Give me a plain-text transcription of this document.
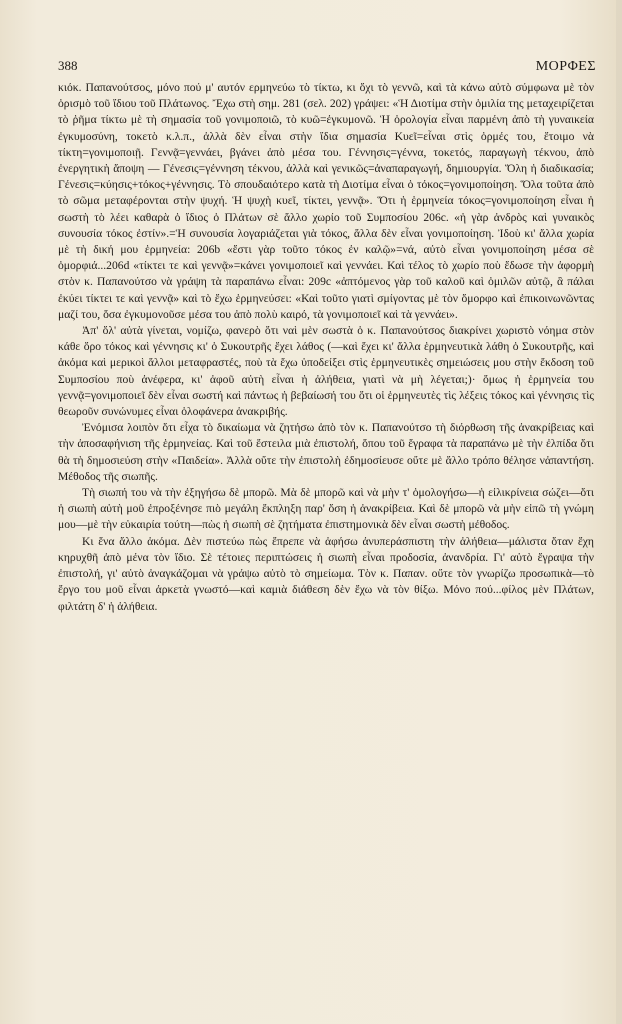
388	ΜΟΡΦΕΣ

κιόκ. Παπανούτσος, μόνο πού μ' αυτόν ερμηνεύω τὸ τίκτω, κι ὄχι τὸ γεννῶ, καὶ τὰ κάνω αὐτὸ σύμφωνα μὲ τὸν ὁρισμὸ τοῦ ἴδιου τοῦ Πλάτωνος. Ἔχω στὴ σημ. 281 (σελ. 202) γράψει: «Ἡ Διοτίμα στὴν ὁμιλία της μεταχειρίζεται τὸ ῥῆμα τίκτω μὲ τὴ σημασία τοῦ γονιμοποιῶ, τὸ κυῶ=ἐγκυμονῶ. Ἡ ὁρολογία εἶναι παρμένη ἀπὸ τὴ γυναικεία ἐγκυμοσύνη, τοκετὸ κ.λ.π., ἀλλὰ δὲν εἶναι στὴν ἴδια σημασία Κυεῖ=εἶναι στὶς ὁρμές του, ἕτοιμο νὰ τίκτη=γονιμοποιῇ. Γεννᾷ=γεννάει, βγάνει ἀπὸ μέσα του. Γέννησις=γέννα, τοκετός, παραγωγὴ τέκνου, ἀπὸ ἐνεργητικὴ ἄποψη — Γένεσις=γέννηση τέκνου, ἀλλὰ καὶ γενικῶς=ἀναπαραγωγή, δημιουργία. Ὅλη ἡ διαδικασία; Γένεσις=κύησις+τόκος+γέννησις. Τὸ σπουδαιότερο κατὰ τὴ Διοτίμα εἶναι ὁ τόκος=γονιμοποίηση. Ὅλα τοῦτα ἀπὸ τὸ σῶμα μεταφέρονται στὴν ψυχή. Ἡ ψυχὴ κυεῖ, τίκτει, γεννᾷ». Ὅτι ἡ ἑρμηνεία τόκος=γονιμοποίηση εἶναι ἡ σωστὴ τὸ λέει καθαρὰ ὁ ἴδιος ὁ Πλάτων σὲ ἄλλο χωρίο τοῦ Συμποσίου 206c. «ἡ γὰρ ἀνδρὸς καὶ γυναικὸς συνουσία τόκος ἐστίν».=Ἡ συνουσία λογαριάζεται γιὰ τόκος, ἄλλα δὲν εἶναι γονιμοποίηση. Ἰδοὺ κι' ἄλλα χωρία μὲ τὴ δική μου ἑρμηνεία: 206b «ἔστι γὰρ τοῦτο τόκος ἐν καλῷ»=νά, αὐτὸ εἶναι γονιμοποίηση μέσα σὲ ὁμορφιά...206d «τίκτει τε καὶ γεννᾷ»=κάνει γονιμοποιεῖ καὶ γεννάει. Καὶ τέλος τὸ χωρίο ποὺ ἔδωσε τὴν ἀφορμὴ στὸν κ. Παπανούτσο νὰ γράψη τὰ παραπάνω εἶναι: 209c «ἁπτόμενος γὰρ τοῦ καλοῦ καὶ ὁμιλῶν αὐτῷ, ἃ πάλαι ἐκύει τίκτει τε καὶ γεννᾷ» καὶ τὸ ἔχω ἑρμηνεύσει: «Καὶ τοῦτο γιατὶ σμίγοντας μὲ τὸν ὄμορφο καὶ ἐπικοινωνῶντας μαζί του, ὅσα ἐγκυμονοῦσε μέσα του ἀπὸ πολὺ καιρό, τὰ γονιμοποιεῖ καὶ τὰ γεννάει».

Ἀπ' ὅλ' αὐτὰ γίνεται, νομίζω, φανερὸ ὅτι ναὶ μὲν σωστὰ ὁ κ. Παπανούτσος διακρίνει χωριστὸ νόημα στὸν κάθε ὅρο τόκος καὶ γέννησις κι' ὁ Συκουτρῆς ἔχει λάθος (—καὶ ἔχει κι' ἄλλα ἑρμηνευτικὰ λάθη ὁ Συκουτρῆς, καὶ ἀκόμα καὶ μερικοὶ ἄλλοι μεταφραστές, ποὺ τὰ ἔχω ὑποδείξει στὶς ἑρμηνευτικὲς σημειώσεις μου στὴν ἔκδοση τοῦ Συμποσίου ποὺ ἀνέφερα, κι' ἀφοῦ αὐτὴ εἶναι ἡ ἀλήθεια, γιατὶ νὰ μὴ λέγεται;)· ὅμως ἡ ἑρμηνεία του γεννᾷ=γονιμοποιεῖ δὲν εἶναι σωστή καὶ πάντως ἡ βεβαίωσή του ὅτι οἱ ἑρμηνευτὲς τὶς λέξεις τόκος καὶ γέννησις τὶς θεωροῦν συνώνυμες εἶναι ὁλοφάνερα ἀνακριβής.

Ἐνόμισα λοιπὸν ὅτι εἶχα τὸ δικαίωμα νὰ ζητήσω ἀπὸ τὸν κ. Παπανούτσο τὴ διόρθωση τῆς ἀνακρίβειας καὶ τὴν ἀποσαφήνιση τῆς ἑρμηνείας. Καὶ τοῦ ἔστειλα μιὰ ἐπιστολή, ὅπου τοῦ ἔγραφα τὰ παραπάνω μὲ τὴν ἐλπίδα ὅτι θὰ τὴ δημοσιεύση στὴν «Παιδεία». Ἀλλὰ οὔτε τὴν ἐπιστολὴ ἐδημοσίευσε οὔτε μὲ ἄλλο τρόπο θέλησε νἀπαντήση. Μέθοδος τῆς σιωπῆς.

Τὴ σιωπή του νὰ τὴν ἐξηγήσω δὲ μπορῶ. Μὰ δὲ μπορῶ καὶ νὰ μὴν τ' ὁμολογήσω—ἡ εἰλικρίνεια σώζει—ὅτι ἡ σιωπὴ αὐτὴ μοῦ ἐπροξένησε πιὸ μεγάλη ἔκπληξη παρ' ὅση ἡ ἀνακρίβεια. Καὶ δὲ μπορῶ νὰ μὴν εἰπῶ τὴ γνώμη μου—μὲ τὴν εὐκαιρία τούτη—πὼς ἡ σιωπὴ σὲ ζητήματα ἐπιστημονικὰ δὲν εἶναι σωστὴ μέθοδος.

Κι ἕνα ἄλλο ἀκόμα. Δὲν πιστεύω πὼς ἔπρεπε νὰ ἀφήσω ἀνυπεράσπιστη τὴν ἀλήθεια—μάλιστα ὅταν ἔχη κηρυχθῆ ἀπὸ μένα τὸν ἴδιο. Σὲ τέτοιες περιπτώσεις ἡ σιωπὴ εἶναι προδοσία, ἀνανδρία. Γι' αὐτὸ ἔγραψα τὴν ἐπιστολή, γι' αὐτὸ ἀναγκάζομαι νὰ γράψω αὐτὸ τὸ σημείωμα. Τὸν κ. Παπαν. οὔτε τὸν γνωρίζω προσωπικὰ—τὸ ἔργο του μοῦ εἶναι ἀρκετὰ γνωστό—καὶ καμιὰ διάθεση δὲν ἔχω νὰ τὸν θίξω. Μόνο πού...φίλος μὲν Πλάτων, φιλτάτη δ' ἡ ἀλήθεια.
